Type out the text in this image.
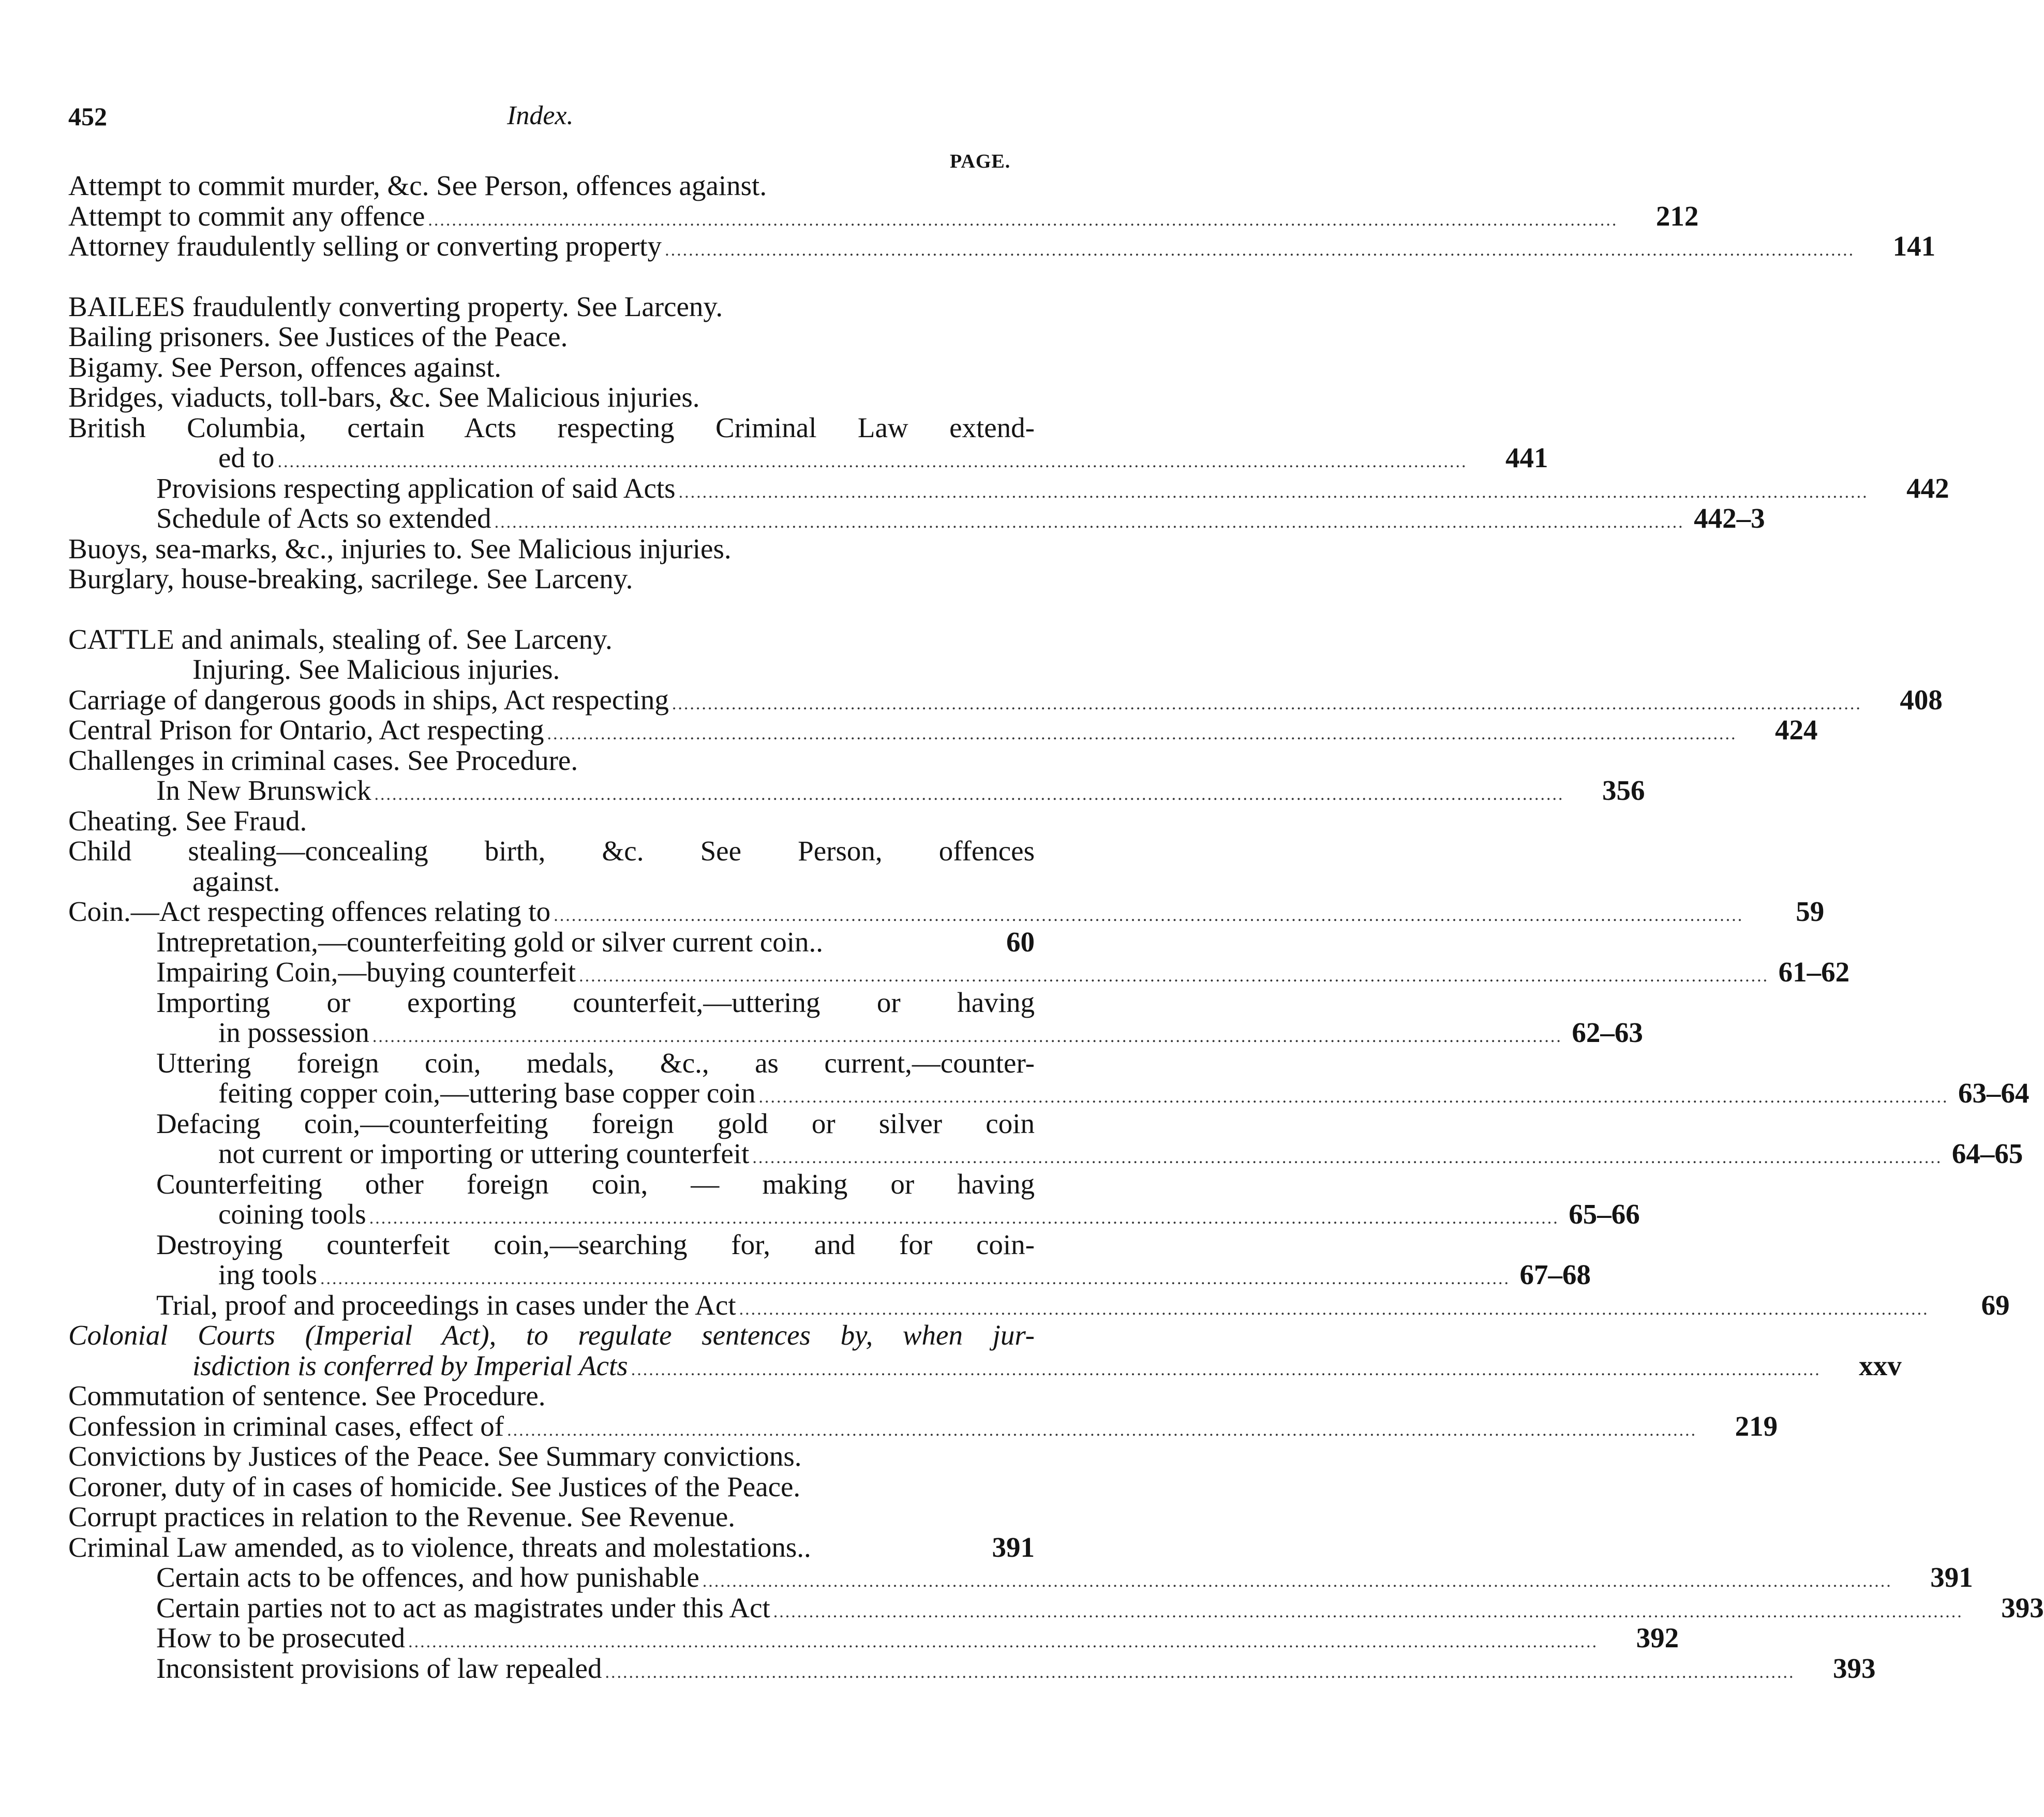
452	Index.
PAGE.
Attempt to commit murder, &c. See Person, offences against.
Attempt to commit any offence ........................................................................................................................................................................................................	212
Attorney fraudulently selling or converting property ........................................................................................................................................................................................................	141
BAILEES fraudulently converting property. See Larceny.
Bailing prisoners. See Justices of the Peace.
Bigamy. See Person, offences against.
Bridges, viaducts, toll-bars, &c. See Malicious injuries.
British Columbia, certain Acts respecting Criminal Law extend-
ed to ........................................................................................................................................................................................................	441
Provisions respecting application of said Acts ........................................................................................................................................................................................................	442
Schedule of Acts so extended ........................................................................................................................................................................................................ 442–3
Buoys, sea-marks, &c., injuries to. See Malicious injuries.
Burglary, house-breaking, sacrilege. See Larceny.
CATTLE and animals, stealing of. See Larceny.
Injuring. See Malicious injuries.
Carriage of dangerous goods in ships, Act respecting ........................................................................................................................................................................................................	408
Central Prison for Ontario, Act respecting ........................................................................................................................................................................................................	424
Challenges in criminal cases. See Procedure.
In New Brunswick ........................................................................................................................................................................................................	356
Cheating. See Fraud.
Child stealing—concealing birth, &c. See Person, offences
against.
Coin.—Act respecting offences relating to ........................................................................................................................................................................................................	59
Intrepretation,—counterfeiting gold or silver current coin..	60
Impairing Coin,—buying counterfeit ........................................................................................................................................................................................................ 61–62
Importing or exporting counterfeit,—uttering or having
in possession ........................................................................................................................................................................................................ 62–63
Uttering foreign coin, medals, &c., as current,—counter-
feiting copper coin,—uttering base copper coin ........................................................................................................................................................................................................ 63–64
Defacing coin,—counterfeiting foreign gold or silver coin
not current or importing or uttering counterfeit ........................................................................................................................................................................................................ 64–65
Counterfeiting other foreign coin, — making or having
coining tools ........................................................................................................................................................................................................ 65–66
Destroying counterfeit coin,—searching for, and for coin-
ing tools ........................................................................................................................................................................................................ 67–68
Trial, proof and proceedings in cases under the Act ........................................................................................................................................................................................................	69
Colonial Courts (Imperial Act), to regulate sentences by, when jur-
isdiction is conferred by Imperial Acts ........................................................................................................................................................................................................	xxv
Commutation of sentence. See Procedure.
Confession in criminal cases, effect of ........................................................................................................................................................................................................	219
Convictions by Justices of the Peace. See Summary convictions.
Coroner, duty of in cases of homicide. See Justices of the Peace.
Corrupt practices in relation to the Revenue. See Revenue.
Criminal Law amended, as to violence, threats and molestations..	391
Certain acts to be offences, and how punishable ........................................................................................................................................................................................................	391
Certain parties not to act as magistrates under this Act ........................................................................................................................................................................................................	393
How to be prosecuted ........................................................................................................................................................................................................	392
Inconsistent provisions of law repealed ........................................................................................................................................................................................................	393
